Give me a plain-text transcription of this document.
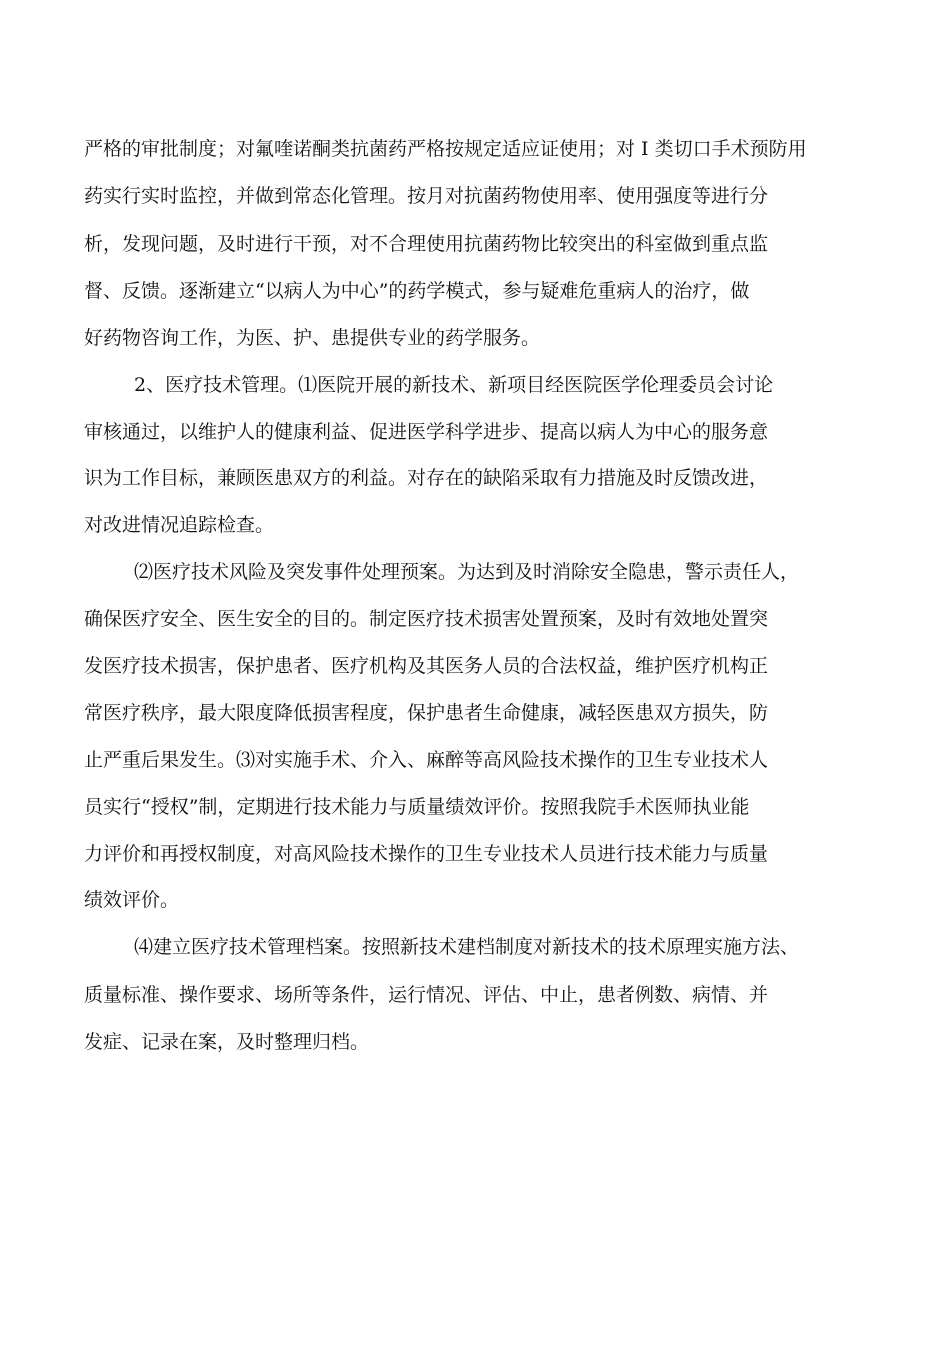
严格的审批制度；对氟喹诺酮类抗菌药严格按规定适应证使用；对 I 类切口手术预防用

药实行实时监控，并做到常态化管理。按月对抗菌药物使用率、使用强度等进行分

析，发现问题，及时进行干预，对不合理使用抗菌药物比较突出的科室做到重点监

督、反馈。逐渐建立“以病人为中心”的药学模式，参与疑难危重病人的治疗，做

好药物咨询工作，为医、护、患提供专业的药学服务。

2、医疗技术管理。⑴医院开展的新技术、新项目经医院医学伦理委员会讨论

审核通过，以维护人的健康利益、促进医学科学进步、提高以病人为中心的服务意

识为工作目标，兼顾医患双方的利益。对存在的缺陷采取有力措施及时反馈改进，

对改进情况追踪检查。

⑵医疗技术风险及突发事件处理预案。为达到及时消除安全隐患，警示责任人，

确保医疗安全、医生安全的目的。制定医疗技术损害处置预案，及时有效地处置突

发医疗技术损害，保护患者、医疗机构及其医务人员的合法权益，维护医疗机构正

常医疗秩序，最大限度降低损害程度，保护患者生命健康，减轻医患双方损失，防

止严重后果发生。⑶对实施手术、介入、麻醉等高风险技术操作的卫生专业技术人

员实行“授权”制，定期进行技术能力与质量绩效评价。按照我院手术医师执业能

力评价和再授权制度，对高风险技术操作的卫生专业技术人员进行技术能力与质量

绩效评价。

⑷建立医疗技术管理档案。按照新技术建档制度对新技术的技术原理实施方法、

质量标准、操作要求、场所等条件，运行情况、评估、中止，患者例数、病情、并

发症、记录在案，及时整理归档。
